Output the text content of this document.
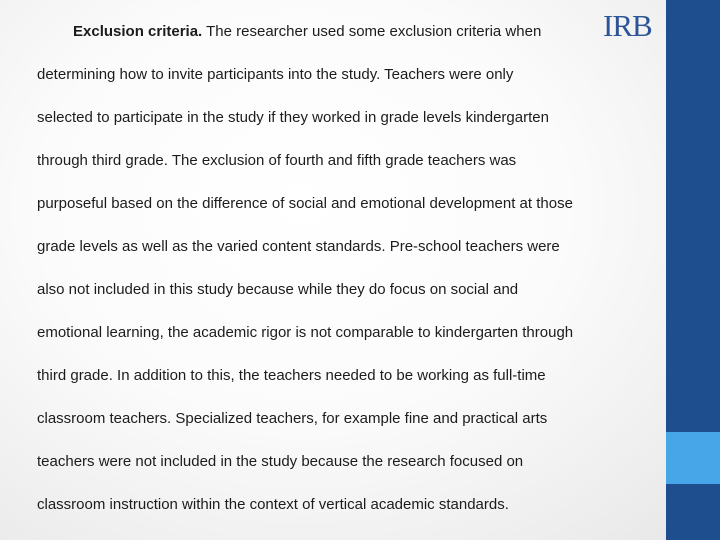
IRB
Exclusion criteria. The researcher used some exclusion criteria when
determining how to invite participants into the study. Teachers were only
selected to participate in the study if they worked in grade levels kindergarten
through third grade. The exclusion of fourth and fifth grade teachers was
purposeful based on the difference of social and emotional development at those
grade levels as well as the varied content standards. Pre-school teachers were
also not included in this study because while they do focus on social and
emotional learning, the academic rigor is not comparable to kindergarten through
third grade. In addition to this, the teachers needed to be working as full-time
classroom teachers. Specialized teachers, for example fine and practical arts
teachers were not included in the study because the research focused on
classroom instruction within the context of vertical academic standards.
